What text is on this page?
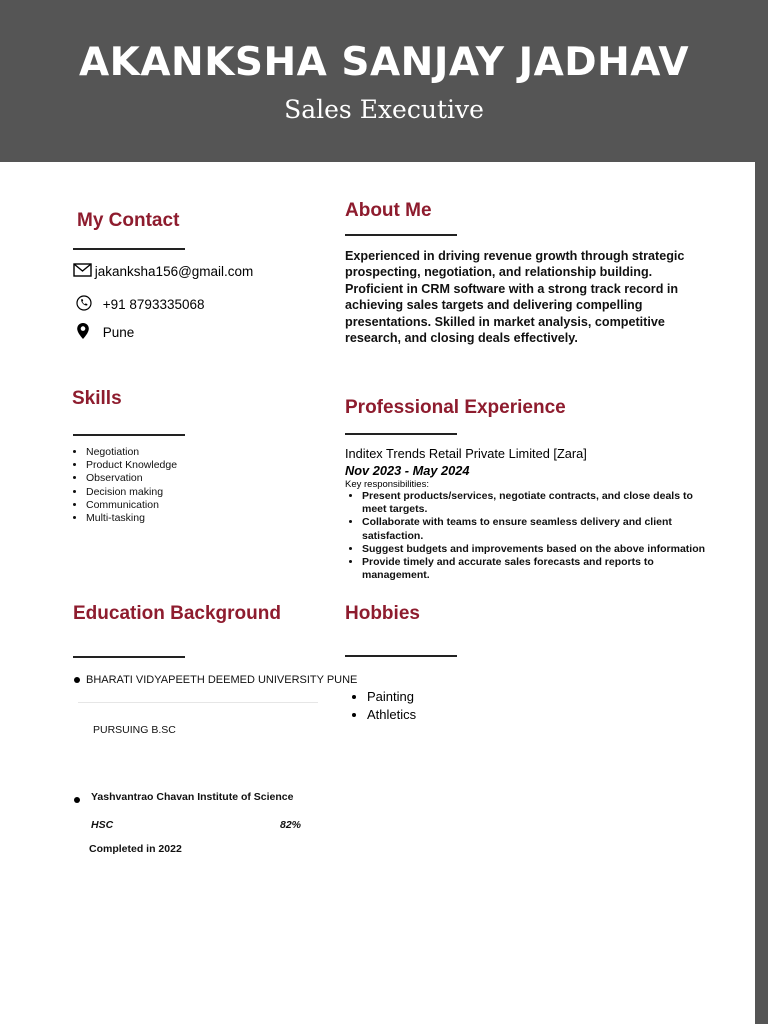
AKANKSHA SANJAY JADHAV
Sales Executive
My Contact
jakanksha156@gmail.com
+91 8793335068
Pune
About Me
Experienced in driving revenue growth through strategic prospecting, negotiation, and relationship building. Proficient in CRM software with a strong track record in achieving sales targets and delivering compelling presentations. Skilled in market analysis, competitive research, and closing deals effectively.
Skills
• Negotiation
• Product Knowledge
• Observation
• Decision making
• Communication
• Multi-tasking
Professional Experience
Inditex Trends Retail Private Limited [Zara]
Nov 2023 - May 2024
Key responsibilities:
• Present products/services, negotiate contracts, and close deals to meet targets.
• Collaborate with teams to ensure seamless delivery and client satisfaction.
• Suggest budgets and improvements based on the above information
• Provide timely and accurate sales forecasts and reports to management.
Education Background
BHARATI VIDYAPEETH DEEMED UNIVERSITY PUNE
PURSUING B.SC
Yashvantrao Chavan Institute of Science
HSC	82%
Completed in 2022
Hobbies
• Painting
• Athletics
